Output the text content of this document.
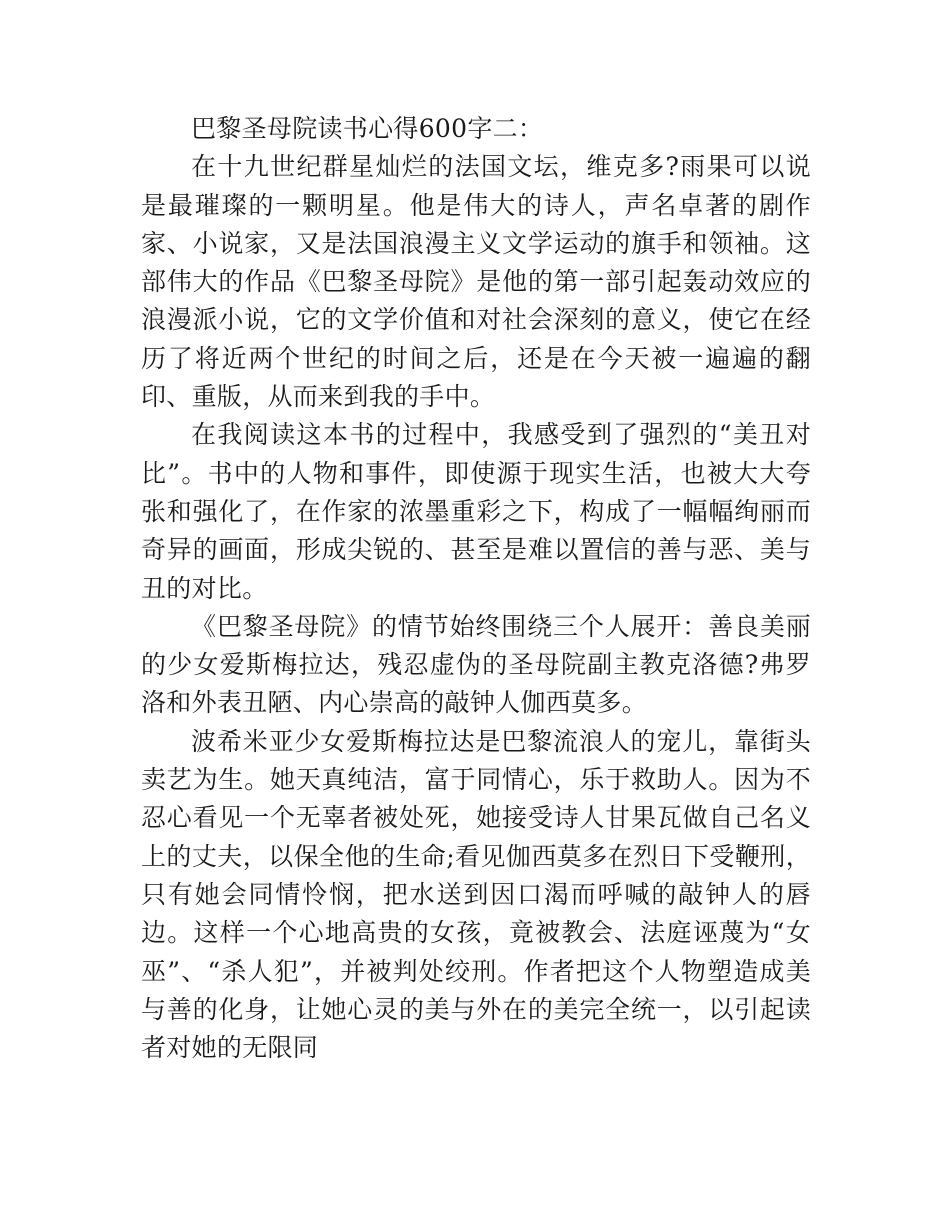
巴黎圣母院读书心得600字二：

在十九世纪群星灿烂的法国文坛，维克多?雨果可以说是最璀璨的一颗明星。他是伟大的诗人，声名卓著的剧作家、小说家，又是法国浪漫主义文学运动的旗手和领袖。这部伟大的作品《巴黎圣母院》是他的第一部引起轰动效应的浪漫派小说，它的文学价值和对社会深刻的意义，使它在经历了将近两个世纪的时间之后，还是在今天被一遍遍的翻印、重版，从而来到我的手中。

在我阅读这本书的过程中，我感受到了强烈的“美丑对比”。书中的人物和事件，即使源于现实生活，也被大大夸张和强化了，在作家的浓墨重彩之下，构成了一幅幅绚丽而奇异的画面，形成尖锐的、甚至是难以置信的善与恶、美与丑的对比。

《巴黎圣母院》的情节始终围绕三个人展开：善良美丽的少女爱斯梅拉达，残忍虚伪的圣母院副主教克洛德?弗罗洛和外表丑陋、内心崇高的敲钟人伽西莫多。

波希米亚少女爱斯梅拉达是巴黎流浪人的宠儿，靠街头卖艺为生。她天真纯洁，富于同情心，乐于救助人。因为不忍心看见一个无辜者被处死，她接受诗人甘果瓦做自己名义上的丈夫，以保全他的生命;看见伽西莫多在烈日下受鞭刑，只有她会同情怜悯，把水送到因口渴而呼喊的敲钟人的唇边。这样一个心地高贵的女孩，竟被教会、法庭诬蔑为“女巫”、“杀人犯”，并被判处绞刑。作者把这个人物塑造成美与善的化身，让她心灵的美与外在的美完全统一，以引起读者对她的无限同
